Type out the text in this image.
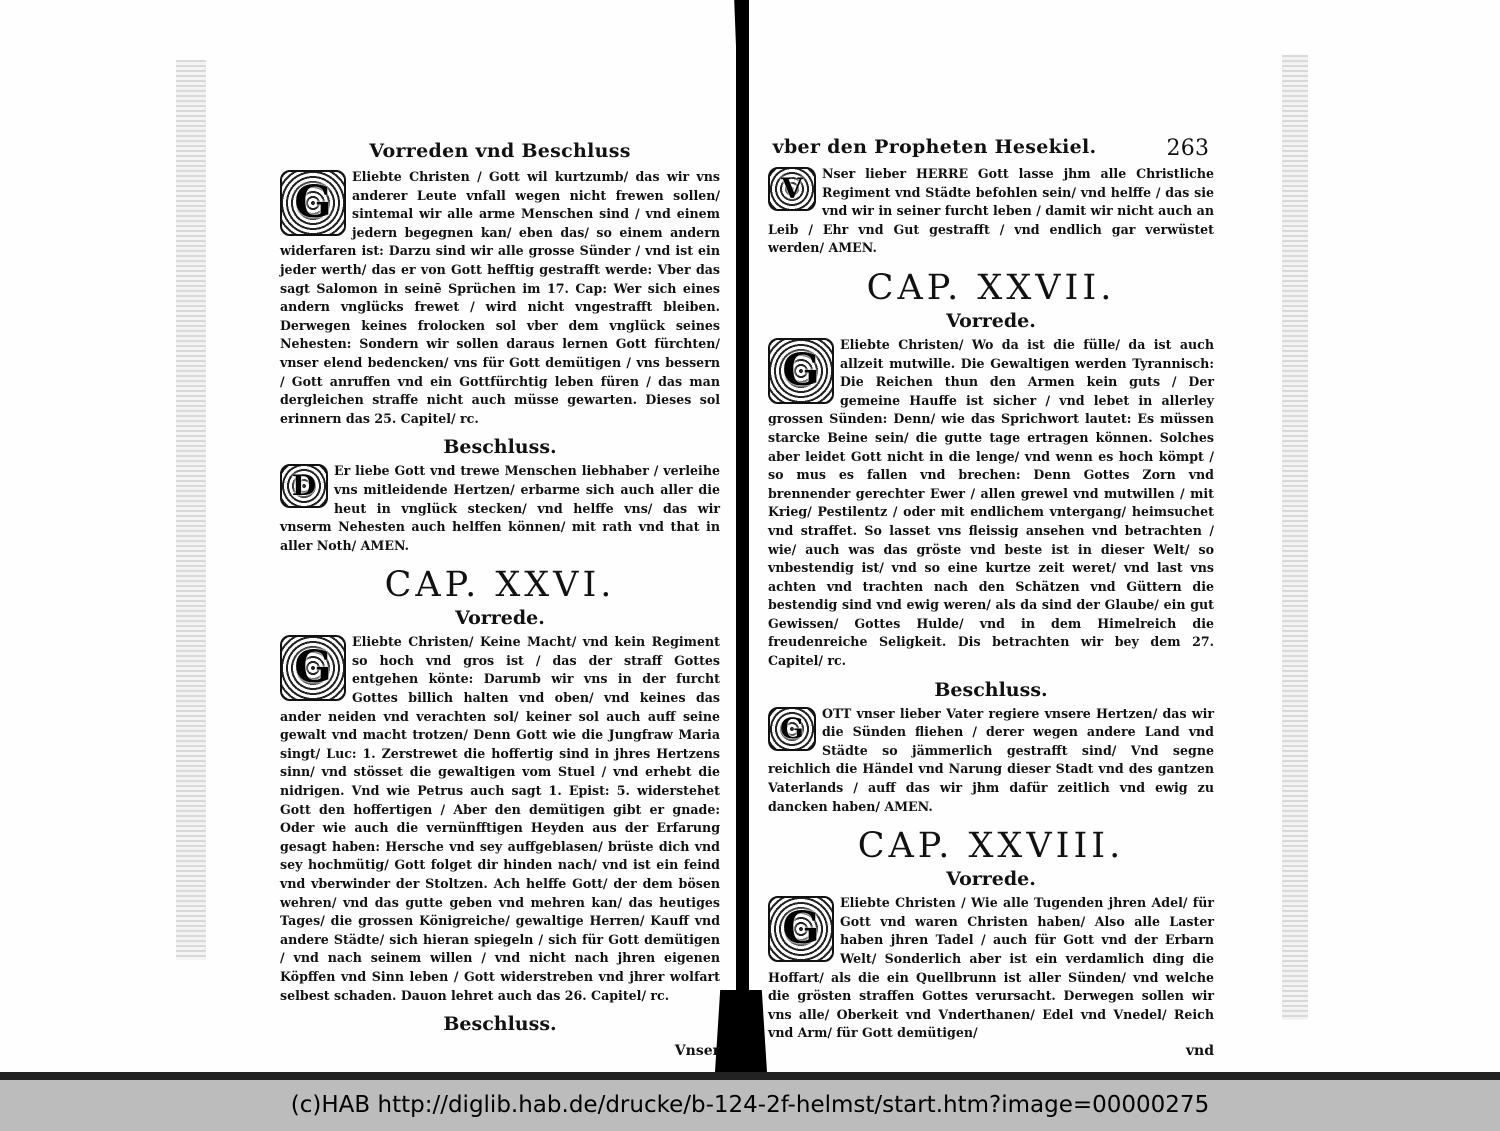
Vorreden vnd Beschluss

G
Eliebte Christen / Gott wil kurtzumb/ das wir vns anderer Leute vnfall wegen nicht frewen sollen/ sintemal wir alle arme Menschen sind / vnd einem jedern begegnen kan/ eben das/ so einem andern widerfaren ist: Darzu sind wir alle grosse Sünder / vnd ist ein jeder werth/ das er von Gott hefftig gestrafft werde: Vber das sagt Salomon in seinē Sprüchen im 17. Cap: Wer sich eines andern vnglücks frewet / wird nicht vngestrafft bleiben. Derwegen keines frolocken sol vber dem vnglück seines Nehesten: Sondern wir sollen daraus lernen Gott fürchten/ vnser elend bedencken/ vns für Gott demütigen / vns bessern / Gott anruffen vnd ein Gottfürchtig leben füren / das man dergleichen straffe nicht auch müsse gewarten. Dieses sol erinnern das 25. Capitel/ rc.

Beschluss.

D	Er liebe Gott vnd trewe Menschen liebhaber / verleihe vns mitleidende Hertzen/ erbarme sich auch aller die heut in vnglück stecken/ vnd helffe vns/ das wir vnserm Nehesten auch helffen können/ mit rath vnd that in aller Noth/ AMEN.

CAP. XXVI.
Vorrede.

G
Eliebte Christen/ Keine Macht/ vnd kein Regiment so hoch vnd gros ist / das der straff Gottes entgehen könte: Darumb wir vns in der furcht Gottes billich halten vnd oben/ vnd keines das ander neiden vnd verachten sol/ keiner sol auch auff seine gewalt vnd macht trotzen/ Denn Gott wie die Jungfraw Maria singt/ Luc: 1. Zerstrewet die hoffertig sind in jhres Hertzens sinn/ vnd stösset die gewaltigen vom Stuel / vnd erhebt die nidrigen. Vnd wie Petrus auch sagt 1. Epist: 5. widerstehet Gott den hoffertigen / Aber den demütigen gibt er gnade: Oder wie auch die vernünfftigen Heyden aus der Erfarung gesagt haben: Hersche vnd sey auffgeblasen/ brüste dich vnd sey hochmütig/ Gott folget dir hinden nach/ vnd ist ein feind vnd vberwinder der Stoltzen. Ach helffe Gott/ der dem bösen wehren/ vnd das gutte geben vnd mehren kan/ das heutiges Tages/ die grossen Königreiche/ gewaltige Herren/ Kauff vnd andere Städte/ sich hieran spiegeln / sich für Gott demütigen / vnd nach seinem willen / vnd nicht nach jhren eigenen Köpffen vnd Sinn leben / Gott widerstreben vnd jhrer wolfart selbest schaden. Dauon lehret auch das 26. Capitel/ rc.

Beschluss.
Vnser
vber den Propheten Hesekiel.	263

V	Nser lieber HERRE Gott lasse jhm alle Christliche Regiment vnd Städte befohlen sein/ vnd helffe / das sie vnd wir in seiner furcht leben / damit wir nicht auch an Leib / Ehr vnd Gut gestrafft / vnd endlich gar verwüstet werden/ AMEN.

CAP. XXVII.
Vorrede.

G
Eliebte Christen/ Wo da ist die fülle/ da ist auch allzeit mutwille. Die Gewaltigen werden Tyrannisch: Die Reichen thun den Armen kein guts / Der gemeine Hauffe ist sicher / vnd lebet in allerley grossen Sünden: Denn/ wie das Sprichwort lautet: Es müssen starcke Beine sein/ die gutte tage ertragen können. Solches aber leidet Gott nicht in die lenge/ vnd wenn es hoch kömpt / so mus es fallen vnd brechen: Denn Gottes Zorn vnd brennender gerechter Ewer / allen grewel vnd mutwillen / mit Krieg/ Pestilentz / oder mit endlichem vntergang/ heimsuchet vnd straffet. So lasset vns fleissig ansehen vnd betrachten / wie/ auch was das gröste vnd beste ist in dieser Welt/ so vnbestendig ist/ vnd so eine kurtze zeit weret/ vnd last vns achten vnd trachten nach den Schätzen vnd Güttern die bestendig sind vnd ewig weren/ als da sind der Glaube/ ein gut Gewissen/ Gottes Hulde/ vnd in dem Himelreich die freudenreiche Seligkeit. Dis betrachten wir bey dem 27. Capitel/ rc.

Beschluss.

G	OTT vnser lieber Vater regiere vnsere Hertzen/ das wir die Sünden fliehen / derer wegen andere Land vnd Städte so jämmerlich gestrafft sind/ Vnd segne reichlich die Händel vnd Narung dieser Stadt vnd des gantzen Vaterlands / auff das wir jhm dafür zeitlich vnd ewig zu dancken haben/ AMEN.

CAP. XXVIII.
Vorrede.

G
Eliebte Christen / Wie alle Tugenden jhren Adel/ für Gott vnd waren Christen haben/ Also alle Laster haben jhren Tadel / auch für Gott vnd der Erbarn Welt/ Sonderlich aber ist ein verdamlich ding die Hoffart/ als die ein Quellbrunn ist aller Sünden/ vnd welche die grösten straffen Gottes verursacht. Derwegen sollen wir vns alle/ Oberkeit vnd Vnderthanen/ Edel vnd Vnedel/ Reich vnd Arm/ für Gott demütigen/

vnd
(c)HAB http://diglib.hab.de/drucke/b-124-2f-helmst/start.htm?image=00000275
